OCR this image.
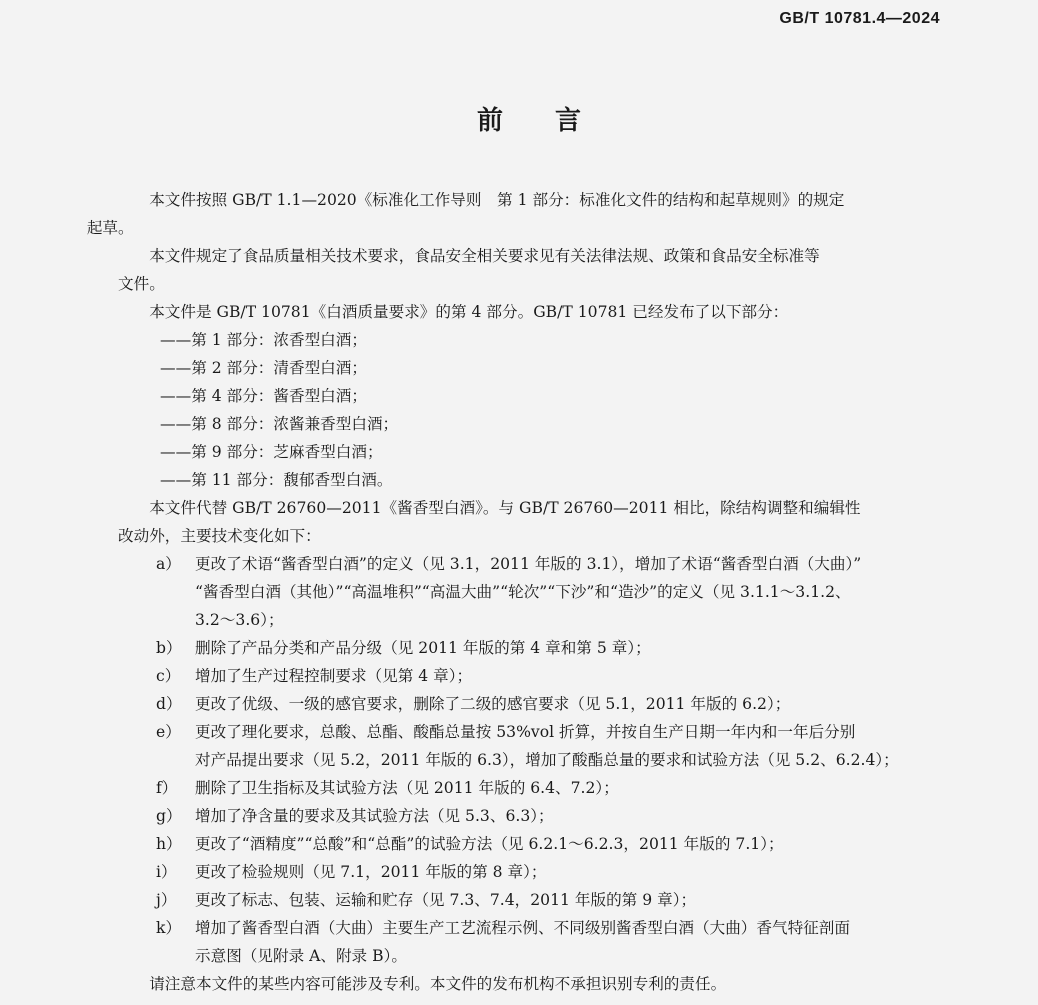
GB/T 10781.4—2024
前　　言
本文件按照 GB/T 1.1—2020《标准化工作导则　第 1 部分：标准化文件的结构和起草规则》的规定
起草。
本文件规定了食品质量相关技术要求，食品安全相关要求见有关法律法规、政策和食品安全标准等
文件。
本文件是 GB/T 10781《白酒质量要求》的第 4 部分。GB/T 10781 已经发布了以下部分：
——第 1 部分：浓香型白酒；
——第 2 部分：清香型白酒；
——第 4 部分：酱香型白酒；
——第 8 部分：浓酱兼香型白酒；
——第 9 部分：芝麻香型白酒；
——第 11 部分：馥郁香型白酒。
本文件代替 GB/T 26760—2011《酱香型白酒》。与 GB/T 26760—2011 相比，除结构调整和编辑性
改动外，主要技术变化如下：
a） 更改了术语“酱香型白酒”的定义（见 3.1，2011 年版的 3.1），增加了术语“酱香型白酒（大曲）”
“酱香型白酒（其他）”“高温堆积”“高温大曲”“轮次”“下沙”和“造沙”的定义（见 3.1.1～3.1.2、
3.2～3.6）；
b） 删除了产品分类和产品分级（见 2011 年版的第 4 章和第 5 章）；
c） 增加了生产过程控制要求（见第 4 章）；
d） 更改了优级、一级的感官要求，删除了二级的感官要求（见 5.1，2011 年版的 6.2）；
e） 更改了理化要求，总酸、总酯、酸酯总量按 53%vol 折算，并按自生产日期一年内和一年后分别
对产品提出要求（见 5.2，2011 年版的 6.3），增加了酸酯总量的要求和试验方法（见 5.2、6.2.4）；
f） 删除了卫生指标及其试验方法（见 2011 年版的 6.4、7.2）；
g） 增加了净含量的要求及其试验方法（见 5.3、6.3）；
h） 更改了“酒精度”“总酸”和“总酯”的试验方法（见 6.2.1～6.2.3，2011 年版的 7.1）；
i） 更改了检验规则（见 7.1，2011 年版的第 8 章）；
j） 更改了标志、包装、运输和贮存（见 7.3、7.4，2011 年版的第 9 章）；
k） 增加了酱香型白酒（大曲）主要生产工艺流程示例、不同级别酱香型白酒（大曲）香气特征剖面
示意图（见附录 A、附录 B）。
请注意本文件的某些内容可能涉及专利。本文件的发布机构不承担识别专利的责任。
